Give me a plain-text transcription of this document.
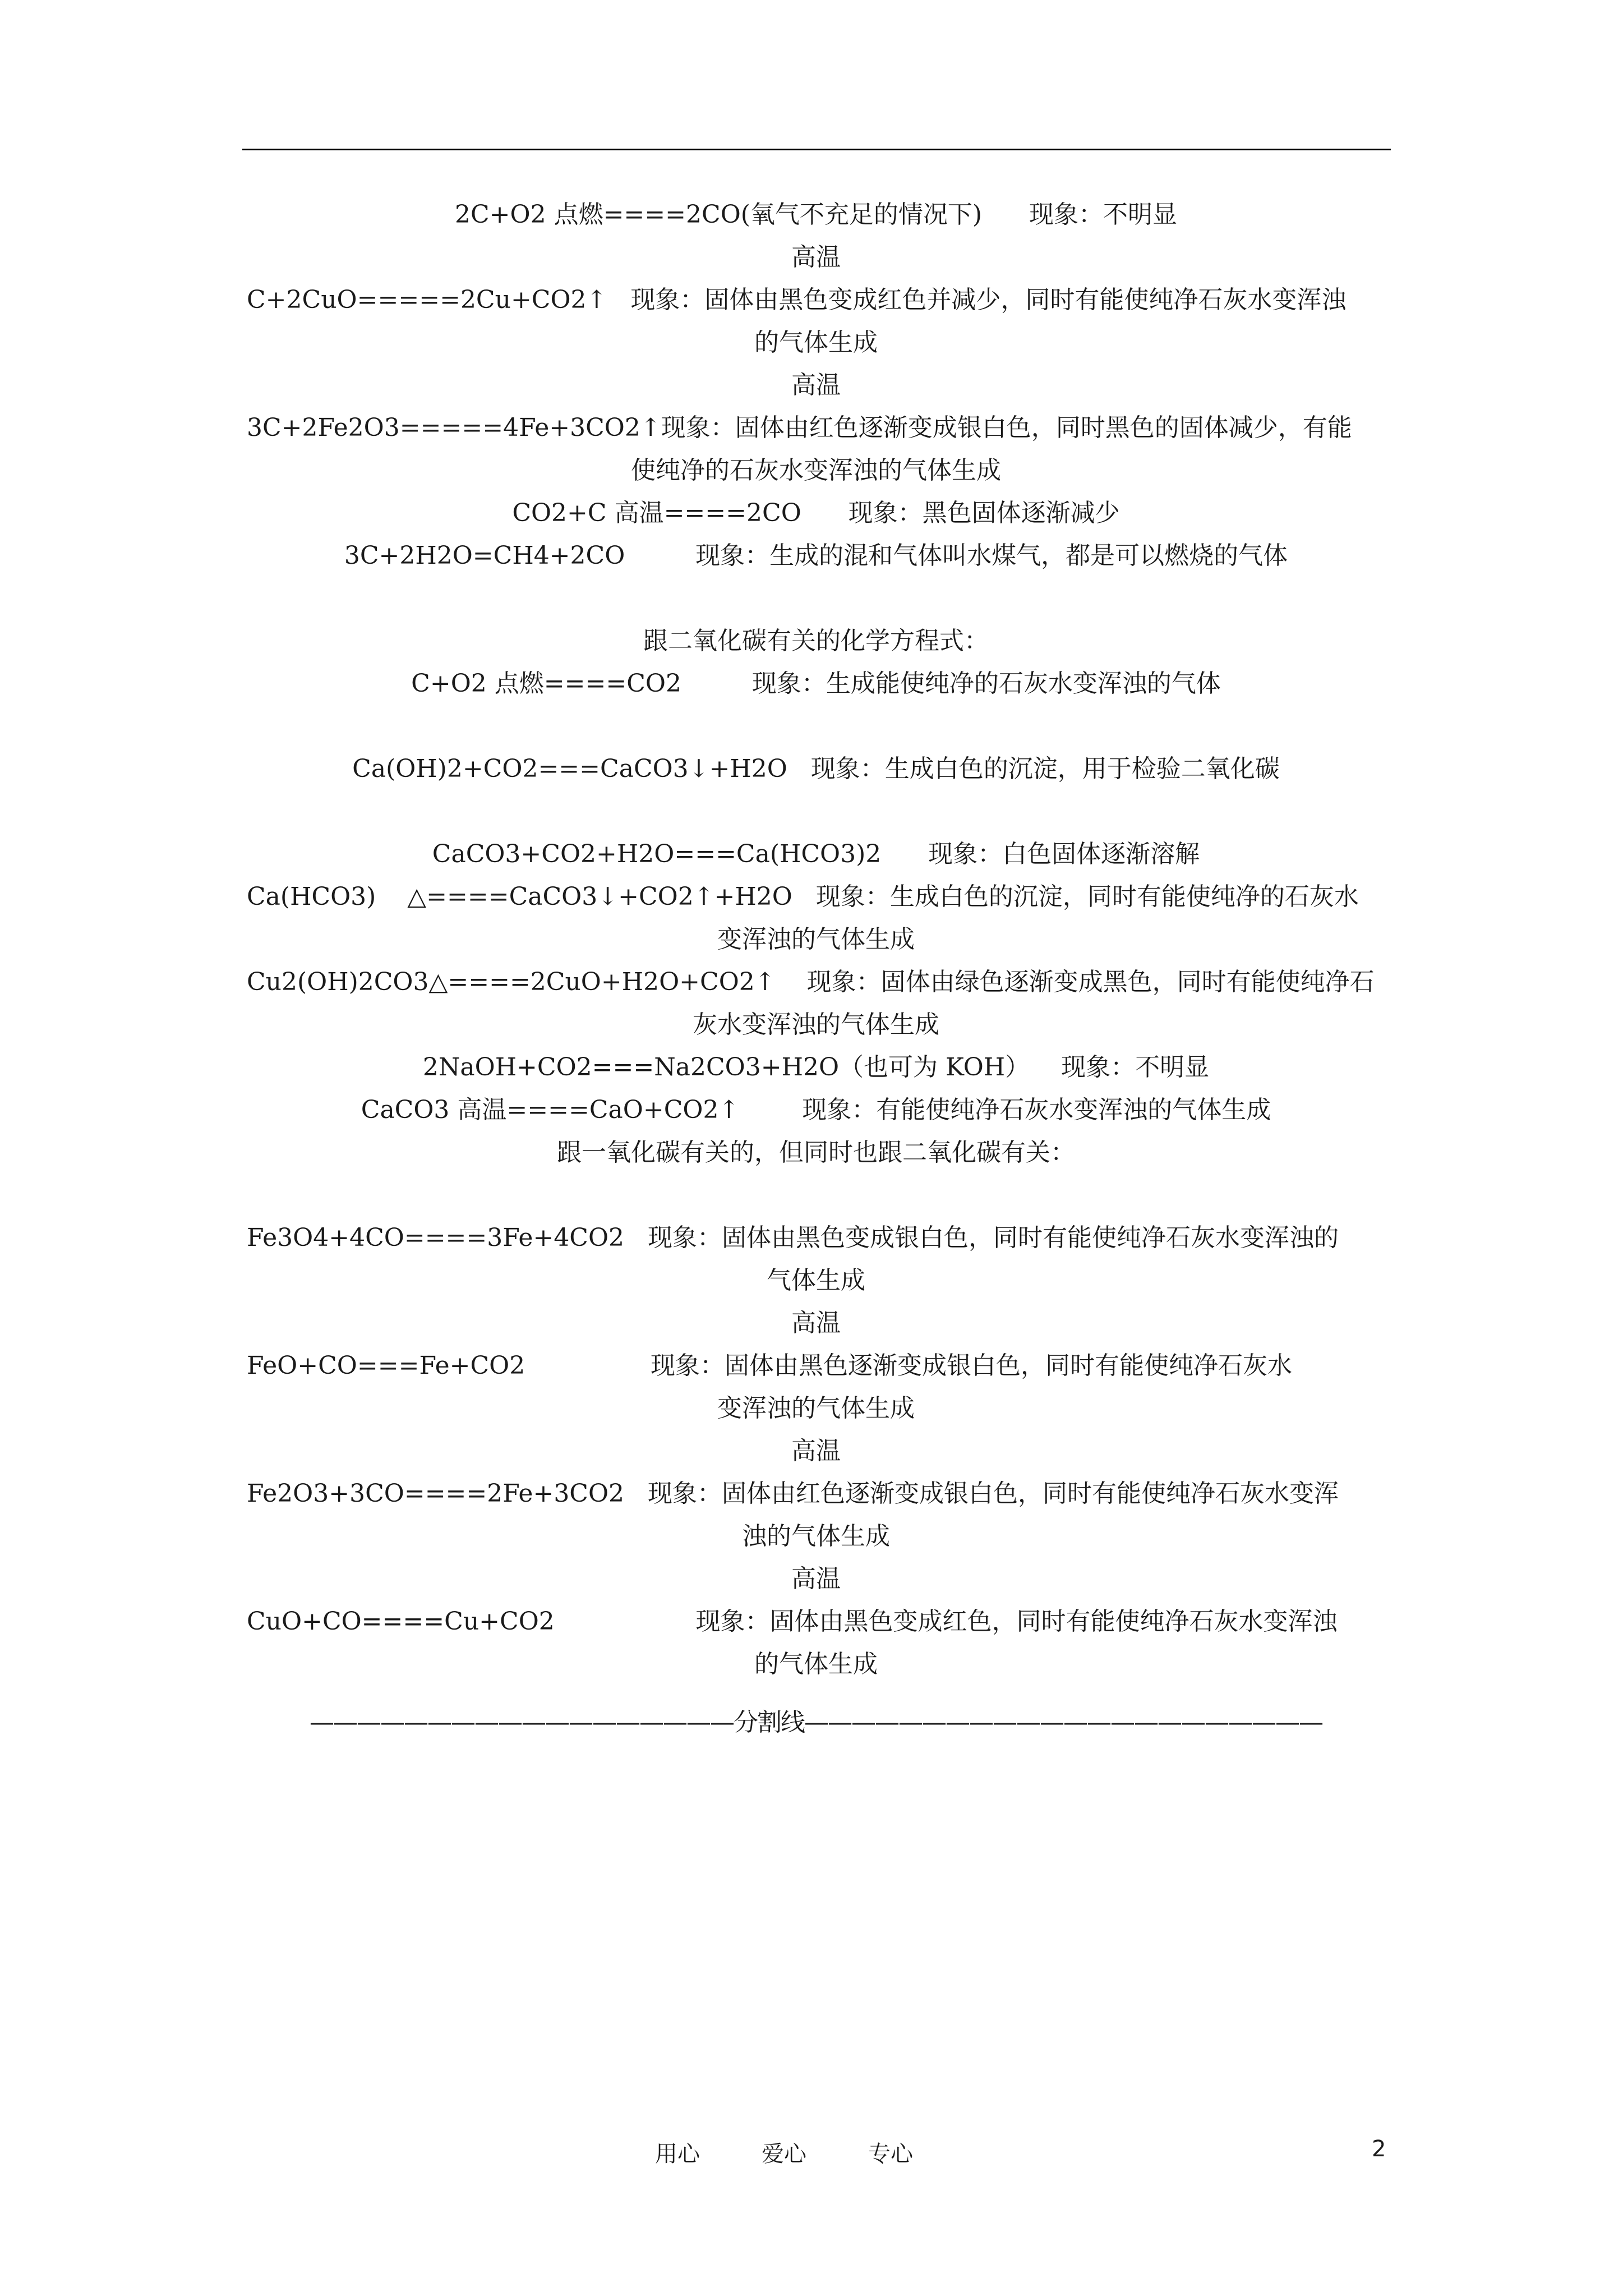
2C+O2 点燃====2CO(氧气不充足的情况下)      现象：不明显
高温
C+2CuO=====2Cu+CO2↑   现象：固体由黑色变成红色并减少，同时有能使纯净石灰水变浑浊
的气体生成
高温
3C+2Fe2O3=====4Fe+3CO2↑现象：固体由红色逐渐变成银白色，同时黑色的固体减少，有能
使纯净的石灰水变浑浊的气体生成
CO2+C 高温====2CO      现象：黑色固体逐渐减少
3C+2H2O=CH4+2CO         现象：生成的混和气体叫水煤气，都是可以燃烧的气体
跟二氧化碳有关的化学方程式：
C+O2 点燃====CO2         现象：生成能使纯净的石灰水变浑浊的气体
Ca(OH)2+CO2===CaCO3↓+H2O   现象：生成白色的沉淀，用于检验二氧化碳
CaCO3+CO2+H2O===Ca(HCO3)2      现象：白色固体逐渐溶解
Ca(HCO3)    △====CaCO3↓+CO2↑+H2O   现象：生成白色的沉淀，同时有能使纯净的石灰水
变浑浊的气体生成
Cu2(OH)2CO3△====2CuO+H2O+CO2↑    现象：固体由绿色逐渐变成黑色，同时有能使纯净石
灰水变浑浊的气体生成
2NaOH+CO2===Na2CO3+H2O（也可为 KOH）    现象：不明显
CaCO3 高温====CaO+CO2↑        现象：有能使纯净石灰水变浑浊的气体生成
跟一氧化碳有关的，但同时也跟二氧化碳有关：
Fe3O4+4CO====3Fe+4CO2   现象：固体由黑色变成银白色，同时有能使纯净石灰水变浑浊的
气体生成
高温
FeO+CO===Fe+CO2                现象：固体由黑色逐渐变成银白色，同时有能使纯净石灰水
变浑浊的气体生成
高温
Fe2O3+3CO====2Fe+3CO2   现象：固体由红色逐渐变成银白色，同时有能使纯净石灰水变浑
浊的气体生成
高温
CuO+CO====Cu+CO2                  现象：固体由黑色变成红色，同时有能使纯净石灰水变浑浊
的气体生成
——————————————————分割线——————————————————————
用心	爱心	专心	2
